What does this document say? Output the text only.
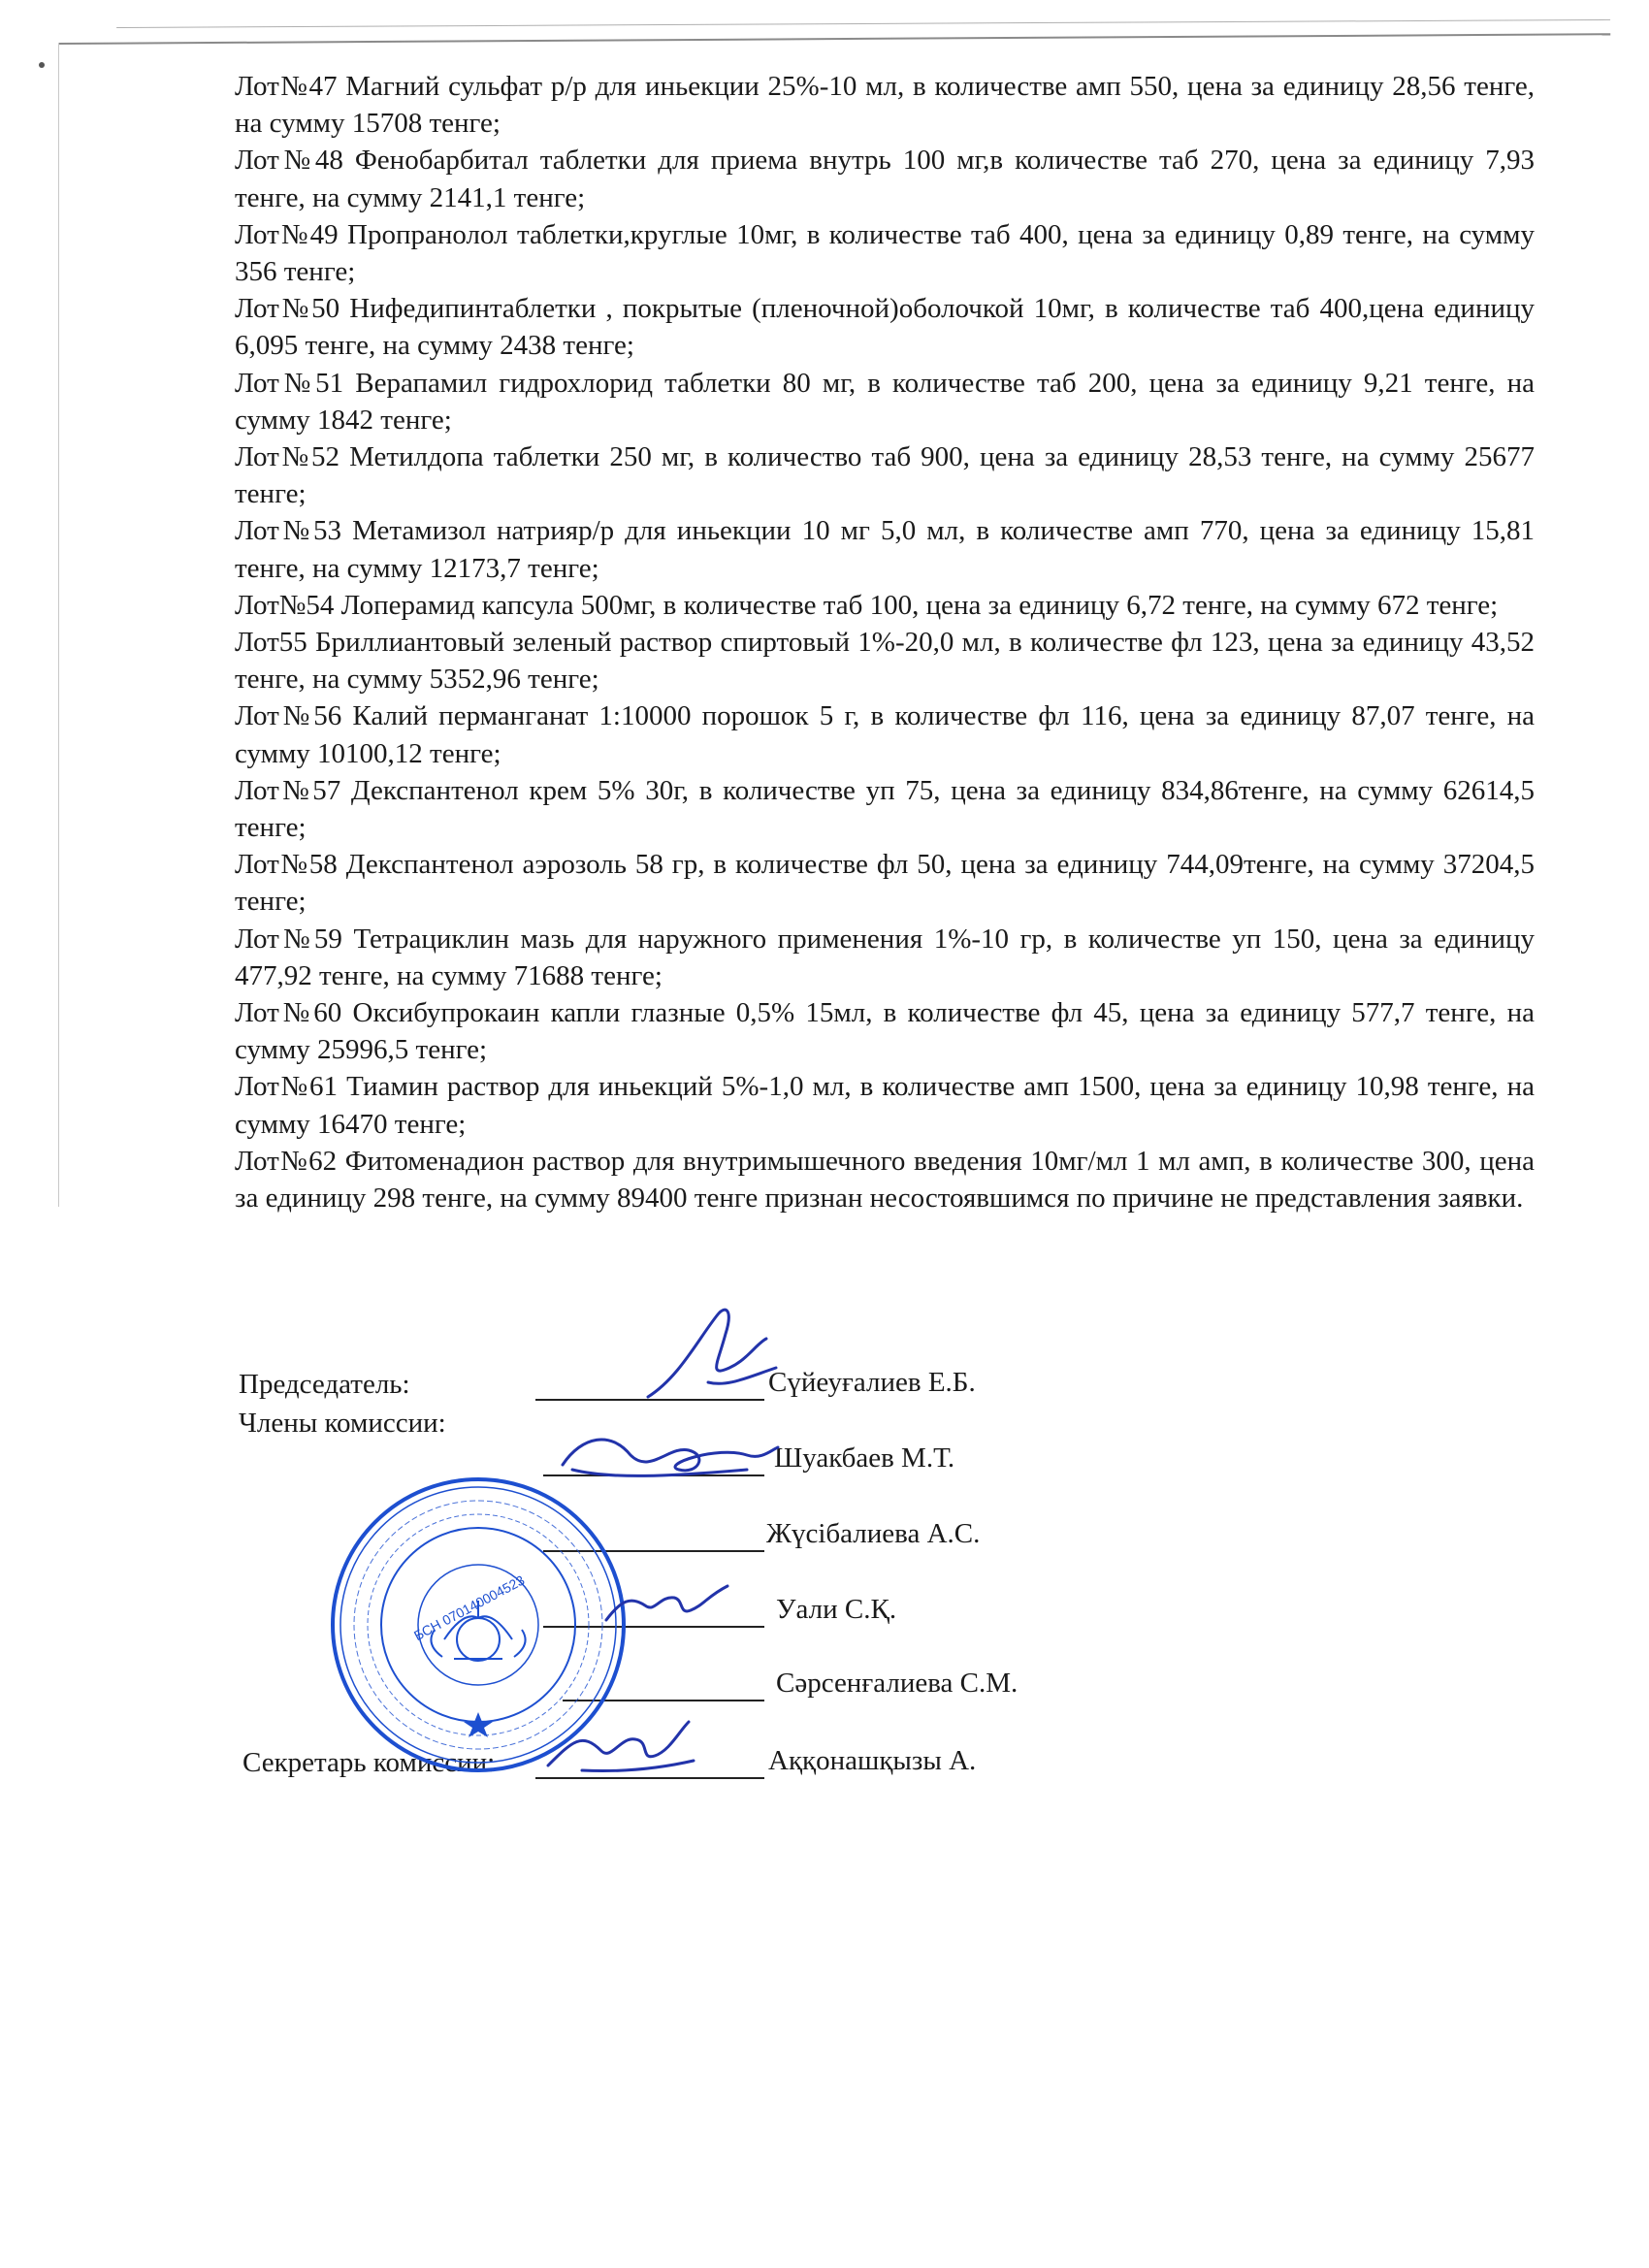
Лот№47 Магний сульфат р/р для иньекции 25%-10 мл, в количестве амп 550, цена за единицу 28,56 тенге, на сумму 15708 тенге;

Лот№48 Фенобарбитал таблетки для приема внутрь 100 мг,в количестве таб 270, цена за единицу 7,93 тенге, на сумму 2141,1 тенге;

Лот№49 Пропранолол таблетки,круглые 10мг, в количестве таб 400, цена за единицу 0,89 тенге, на сумму 356 тенге;

Лот№50 Нифедипинтаблетки , покрытые (пленочной)оболочкой 10мг, в количестве таб 400,цена единицу 6,095 тенге, на сумму 2438 тенге;

Лот№51 Верапамил гидрохлорид таблетки 80 мг, в количестве таб 200, цена за единицу 9,21 тенге, на сумму 1842 тенге;

Лот№52 Метилдопа таблетки 250 мг, в количество таб 900, цена за единицу 28,53 тенге, на сумму 25677 тенге;

Лот№53 Метамизол натрияр/р для иньекции 10 мг 5,0 мл, в количестве амп 770, цена за единицу 15,81 тенге, на сумму 12173,7 тенге;

Лот№54 Лоперамид капсула 500мг, в количестве таб 100, цена за единицу 6,72 тенге, на сумму 672 тенге;

Лот55 Бриллиантовый зеленый раствор спиртовый 1%-20,0 мл, в количестве фл 123, цена за единицу 43,52 тенге, на сумму 5352,96 тенге;

Лот№56 Калий перманганат 1:10000 порошок 5 г, в количестве фл 116, цена за единицу 87,07 тенге, на сумму 10100,12 тенге;

Лот№57 Декспантенол крем 5% 30г, в количестве уп 75, цена за единицу 834,86тенге, на сумму 62614,5 тенге;

Лот№58 Декспантенол аэрозоль 58 гр, в количестве фл 50, цена за единицу 744,09тенге, на сумму 37204,5 тенге;

Лот№59 Тетрациклин мазь для наружного применения 1%-10 гр, в количестве уп 150, цена за единицу 477,92 тенге, на сумму 71688 тенге;

Лот№60 Оксибупрокаин капли глазные 0,5% 15мл, в количестве фл 45, цена за единицу 577,7 тенге, на сумму 25996,5 тенге;

Лот№61 Тиамин раствор для иньекций 5%-1,0 мл, в количестве амп 1500, цена за единицу 10,98 тенге, на сумму 16470 тенге;

Лот№62 Фитоменадион раствор для внутримышечного введения 10мг/мл 1 мл амп, в количестве 300, цена за единицу 298 тенге, на сумму 89400 тенге признан несостоявшимся по причине не представления заявки.

Председатель:
Члены комиссии:
Сүйеуғалиев Е.Б.
Шуакбаев М.Т.
Жүсібалиева А.С.
Уали С.Қ.
Сәрсенғалиева С.М.
Секретарь комиссии:	Аққонашқызы А.
БСН 070140004523
